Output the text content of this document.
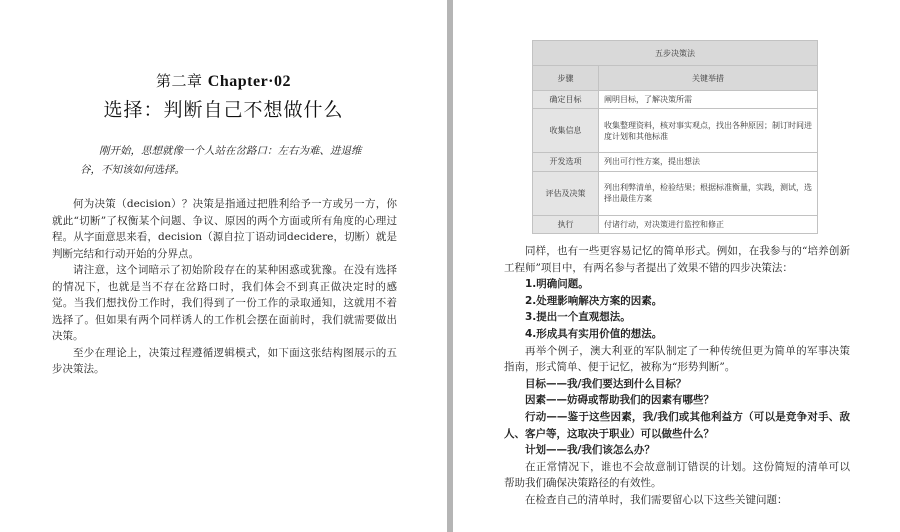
第二章 Chapter·02
选择：判断自己不想做什么

刚开始，思想就像一个人站在岔路口：左右为难、进退维

谷，不知该如何选择。

何为决策（decision）？决策是指通过把胜利给予一方或另一方，你就此“切断”了权衡某个问题、争议、原因的两个方面或所有角度的心理过程。从字面意思来看，decision（源自拉丁语动词decidere，切断）就是判断完结和行动开始的分界点。

请注意，这个词暗示了初始阶段存在的某种困惑或犹豫。在没有选择的情况下，也就是当不存在岔路口时，我们体会不到真正做决定时的感觉。当我们想找份工作时，我们得到了一份工作的录取通知，这就用不着选择了。但如果有两个同样诱人的工作机会摆在面前时，我们就需要做出决策。

至少在理论上，决策过程遵循逻辑模式，如下面这张结构图展示的五步决策法。

五步决策法	
步骤	关键举措
确定目标	阐明目标，了解决策所需
收集信息	收集整理资料，核对事实观点，找出各种原因；制订时间进度计划和其他标准
开发选项	列出可行性方案，提出想法
评估及决策	列出利弊清单，检验结果；根据标准衡量，实践，测试，选择出最佳方案
执行	付诸行动，对决策进行监控和修正

同样，也有一些更容易记忆的简单形式。例如，在我参与的“培养创新工程师”项目中，有两名参与者提出了效果不错的四步决策法：

1.明确问题。

2.处理影响解决方案的因素。

3.提出一个直观想法。

4.形成具有实用价值的想法。

再举个例子，澳大利亚的军队制定了一种传统但更为简单的军事决策指南，形式简单、便于记忆，被称为“形势判断”。

目标——我/我们要达到什么目标？

因素——妨碍或帮助我们的因素有哪些？

行动——鉴于这些因素，我/我们或其他利益方（可以是竞争对手、敌人、客户等，这取决于职业）可以做些什么？

计划——我/我们该怎么办？

在正常情况下，谁也不会故意制订错误的计划。这份简短的清单可以帮助我们确保决策路径的有效性。

在检查自己的清单时，我们需要留心以下这些关键问题：
